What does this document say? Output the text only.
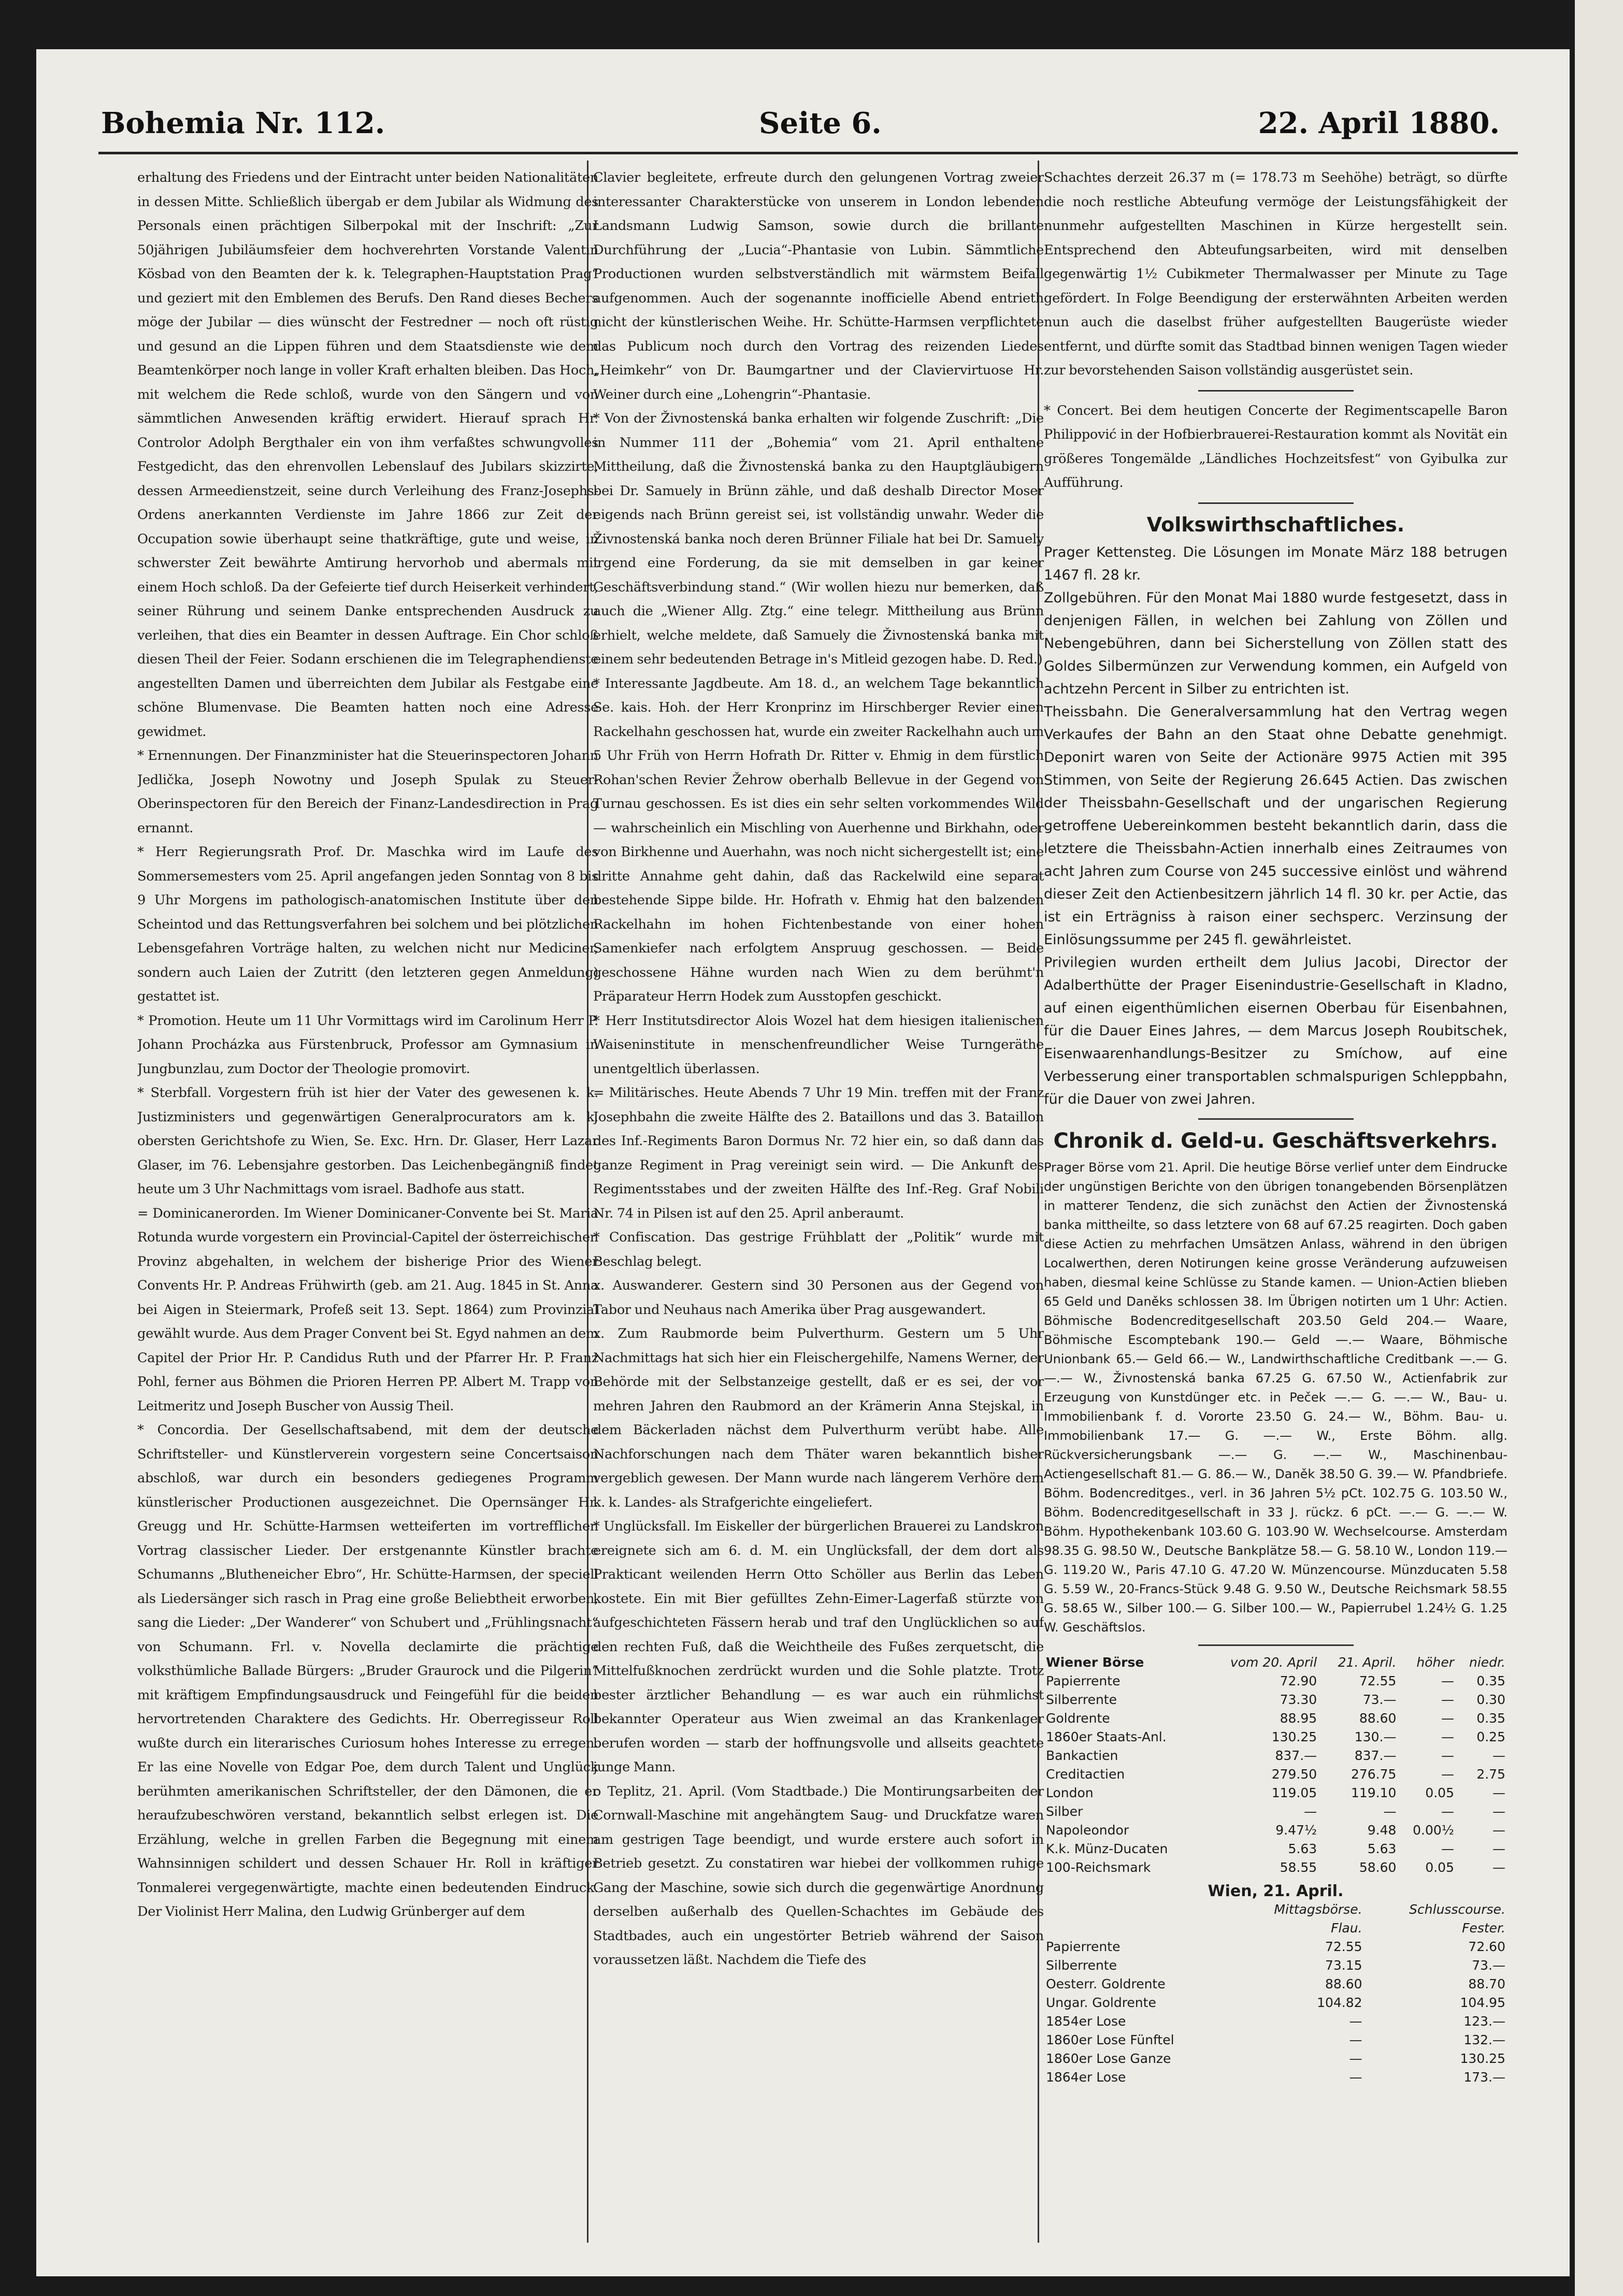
Bohemia Nr. 112.	Seite 6.	22. April 1880.

erhaltung des Friedens und der Eintracht unter beiden Nationalitäten in dessen Mitte. Schließlich übergab er dem Jubilar als Widmung des Personals einen prächtigen Silberpokal mit der Inschrift: „Zur 50jährigen Jubiläumsfeier dem hochverehrten Vorstande Valentin Kösbad von den Beamten der k. k. Telegraphen-Hauptstation Prag“ und geziert mit den Emblemen des Berufs. Den Rand dieses Bechers möge der Jubilar — dies wünscht der Festredner — noch oft rüstig und gesund an die Lippen führen und dem Staatsdienste wie dem Beamtenkörper noch lange in voller Kraft erhalten bleiben. Das Hoch, mit welchem die Rede schloß, wurde von den Sängern und von sämmtlichen Anwesenden kräftig erwidert. Hierauf sprach Hr. Controlor Adolph Bergthaler ein von ihm verfaßtes schwungvolles Festgedicht, das den ehrenvollen Lebenslauf des Jubilars skizzirte, dessen Armeedienstzeit, seine durch Verleihung des Franz-Josephs-Ordens anerkannten Verdienste im Jahre 1866 zur Zeit der Occupation sowie überhaupt seine thatkräftige, gute und weise, in schwerster Zeit bewährte Amtirung hervorhob und abermals mit einem Hoch schloß. Da der Gefeierte tief durch Heiserkeit verhindert, seiner Rührung und seinem Danke entsprechenden Ausdruck zu verleihen, that dies ein Beamter in dessen Auftrage. Ein Chor schloß diesen Theil der Feier. Sodann erschienen die im Telegraphendienste angestellten Damen und überreichten dem Jubilar als Festgabe eine schöne Blumenvase. Die Beamten hatten noch eine Adresse gewidmet.

* Ernennungen. Der Finanzminister hat die Steuerinspectoren Johann Jedlička, Joseph Nowotny und Joseph Spulak zu Steuer-Oberinspectoren für den Bereich der Finanz-Landesdirection in Prag ernannt.

* Herr Regierungsrath Prof. Dr. Maschka wird im Laufe des Sommersemesters vom 25. April angefangen jeden Sonntag von 8 bis 9 Uhr Morgens im pathologisch-anatomischen Institute über den Scheintod und das Rettungsverfahren bei solchem und bei plötzlichen Lebensgefahren Vorträge halten, zu welchen nicht nur Mediciner, sondern auch Laien der Zutritt (den letzteren gegen Anmeldung) gestattet ist.

* Promotion. Heute um 11 Uhr Vormittags wird im Carolinum Herr P. Johann Procházka aus Fürstenbruck, Professor am Gymnasium in Jungbunzlau, zum Doctor der Theologie promovirt.

* Sterbfall. Vorgestern früh ist hier der Vater des gewesenen k. k. Justizministers und gegenwärtigen Generalprocurators am k. k. obersten Gerichtshofe zu Wien, Se. Exc. Hrn. Dr. Glaser, Herr Lazar Glaser, im 76. Lebensjahre gestorben. Das Leichenbegängniß findet heute um 3 Uhr Nachmittags vom israel. Badhofe aus statt.

= Dominicanerorden. Im Wiener Dominicaner-Convente bei St. Maria Rotunda wurde vorgestern ein Provincial-Capitel der österreichischen Provinz abgehalten, in welchem der bisherige Prior des Wiener Convents Hr. P. Andreas Frühwirth (geb. am 21. Aug. 1845 in St. Anna bei Aigen in Steiermark, Profeß seit 13. Sept. 1864) zum Provinzial gewählt wurde. Aus dem Prager Convent bei St. Egyd nahmen an dem Capitel der Prior Hr. P. Candidus Ruth und der Pfarrer Hr. P. Franz Pohl, ferner aus Böhmen die Prioren Herren PP. Albert M. Trapp von Leitmeritz und Joseph Buscher von Aussig Theil.

* Concordia. Der Gesellschaftsabend, mit dem der deutsche Schriftsteller- und Künstlerverein vorgestern seine Concertsaison abschloß, war durch ein besonders gediegenes Programm künstlerischer Productionen ausgezeichnet. Die Opernsänger Hr. Greugg und Hr. Schütte-Harmsen wetteiferten im vortrefflichen Vortrag classischer Lieder. Der erstgenannte Künstler brachte Schumanns „Blutheneicher Ebro“, Hr. Schütte-Harmsen, der speciell als Liedersänger sich rasch in Prag eine große Beliebtheit erworben, sang die Lieder: „Der Wanderer“ von Schubert und „Frühlingsnacht“ von Schumann. Frl. v. Novella declamirte die prächtige volksthümliche Ballade Bürgers: „Bruder Graurock und die Pilgerin“ mit kräftigem Empfindungsausdruck und Feingefühl für die beiden hervortretenden Charaktere des Gedichts. Hr. Oberregisseur Roll wußte durch ein literarisches Curiosum hohes Interesse zu erregen. Er las eine Novelle von Edgar Poe, dem durch Talent und Unglück berühmten amerikanischen Schriftsteller, der den Dämonen, die er heraufzubeschwören verstand, bekanntlich selbst erlegen ist. Die Erzählung, welche in grellen Farben die Begegnung mit einem Wahnsinnigen schildert und dessen Schauer Hr. Roll in kräftiger Tonmalerei vergegenwärtigte, machte einen bedeutenden Eindruck. Der Violinist Herr Malina, den Ludwig Grünberger auf dem

Clavier begleitete, erfreute durch den gelungenen Vortrag zweier interessanter Charakterstücke von unserem in London lebenden Landsmann Ludwig Samson, sowie durch die brillante Durchführung der „Lucia“-Phantasie von Lubin. Sämmtliche Productionen wurden selbstverständlich mit wärmstem Beifall aufgenommen. Auch der sogenannte inofficielle Abend entrieth nicht der künstlerischen Weihe. Hr. Schütte-Harmsen verpflichtete das Publicum noch durch den Vortrag des reizenden Liedes „Heimkehr“ von Dr. Baumgartner und der Claviervirtuose Hr. Weiner durch eine „Lohengrin“-Phantasie.

* Von der Živnostenská banka erhalten wir folgende Zuschrift: „Die in Nummer 111 der „Bohemia“ vom 21. April enthaltene Mittheilung, daß die Živnostenská banka zu den Hauptgläubigern bei Dr. Samuely in Brünn zähle, und daß deshalb Director Moser eigends nach Brünn gereist sei, ist vollständig unwahr. Weder die Živnostenská banka noch deren Brünner Filiale hat bei Dr. Samuely irgend eine Forderung, da sie mit demselben in gar keiner Geschäftsverbindung stand.“ (Wir wollen hiezu nur bemerken, daß auch die „Wiener Allg. Ztg.“ eine telegr. Mittheilung aus Brünn erhielt, welche meldete, daß Samuely die Živnostenská banka mit einem sehr bedeutenden Betrage in's Mitleid gezogen habe. D. Red.)

* Interessante Jagdbeute. Am 18. d., an welchem Tage bekanntlich Se. kais. Hoh. der Herr Kronprinz im Hirschberger Revier einen Rackelhahn geschossen hat, wurde ein zweiter Rackelhahn auch um 5 Uhr Früh von Herrn Hofrath Dr. Ritter v. Ehmig in dem fürstlich Rohan'schen Revier Žehrow oberhalb Bellevue in der Gegend von Turnau geschossen. Es ist dies ein sehr selten vorkommendes Wild — wahrscheinlich ein Mischling von Auerhenne und Birkhahn, oder von Birkhenne und Auerhahn, was noch nicht sichergestellt ist; eine dritte Annahme geht dahin, daß das Rackelwild eine separat bestehende Sippe bilde. Hr. Hofrath v. Ehmig hat den balzenden Rackelhahn im hohen Fichtenbestande von einer hohen Samenkiefer nach erfolgtem Anspruug geschossen. — Beide geschossene Hähne wurden nach Wien zu dem berühmt'n Präparateur Herrn Hodek zum Ausstopfen geschickt.

* Herr Institutsdirector Alois Wozel hat dem hiesigen italienischen Waiseninstitute in menschenfreundlicher Weise Turngeräthe unentgeltlich überlassen.

= Militärisches. Heute Abends 7 Uhr 19 Min. treffen mit der Franz Josephbahn die zweite Hälfte des 2. Bataillons und das 3. Bataillon des Inf.-Regiments Baron Dormus Nr. 72 hier ein, so daß dann das ganze Regiment in Prag vereinigt sein wird. — Die Ankunft des Regimentsstabes und der zweiten Hälfte des Inf.-Reg. Graf Nobili Nr. 74 in Pilsen ist auf den 25. April anberaumt.

* Confiscation. Das gestrige Frühblatt der „Politik“ wurde mit Beschlag belegt.

x. Auswanderer. Gestern sind 30 Personen aus der Gegend von Tabor und Neuhaus nach Amerika über Prag ausgewandert.

x. Zum Raubmorde beim Pulverthurm. Gestern um 5 Uhr Nachmittags hat sich hier ein Fleischergehilfe, Namens Werner, der Behörde mit der Selbstanzeige gestellt, daß er es sei, der vor mehren Jahren den Raubmord an der Krämerin Anna Stejskal, in dem Bäckerladen nächst dem Pulverthurm verübt habe. Alle Nachforschungen nach dem Thäter waren bekanntlich bisher vergeblich gewesen. Der Mann wurde nach längerem Verhöre dem k. k. Landes- als Strafgerichte eingeliefert.

* Unglücksfall. Im Eiskeller der bürgerlichen Brauerei zu Landskron ereignete sich am 6. d. M. ein Unglücksfall, der dem dort als Prakticant weilenden Herrn Otto Schöller aus Berlin das Leben kostete. Ein mit Bier gefülltes Zehn-Eimer-Lagerfaß stürzte von aufgeschichteten Fässern herab und traf den Unglücklichen so auf den rechten Fuß, daß die Weichtheile des Fußes zerquetscht, die Mittelfußknochen zerdrückt wurden und die Sohle platzte. Trotz bester ärztlicher Behandlung — es war auch ein rühmlichst bekannter Operateur aus Wien zweimal an das Krankenlager berufen worden — starb der hoffnungsvolle und allseits geachtete junge Mann.

o Teplitz, 21. April. (Vom Stadtbade.) Die Montirungsarbeiten der Cornwall-Maschine mit angehängtem Saug- und Druckfatze waren am gestrigen Tage beendigt, und wurde erstere auch sofort in Betrieb gesetzt. Zu constatiren war hiebei der vollkommen ruhige Gang der Maschine, sowie sich durch die gegenwärtige Anordnung derselben außerhalb des Quellen-Schachtes im Gebäude des Stadtbades, auch ein ungestörter Betrieb während der Saison voraussetzen läßt. Nachdem die Tiefe des

Schachtes derzeit 26.37 m (= 178.73 m Seehöhe) beträgt, so dürfte die noch restliche Abteufung vermöge der Leistungsfähigkeit der nunmehr aufgestellten Maschinen in Kürze hergestellt sein. Entsprechend den Abteufungsarbeiten, wird mit denselben gegenwärtig 1½ Cubikmeter Thermalwasser per Minute zu Tage gefördert. In Folge Beendigung der ersterwähnten Arbeiten werden nun auch die daselbst früher aufgestellten Baugerüste wieder entfernt, und dürfte somit das Stadtbad binnen wenigen Tagen wieder zur bevorstehenden Saison vollständig ausgerüstet sein.

* Concert. Bei dem heutigen Concerte der Regimentscapelle Baron Philippović in der Hofbierbrauerei-Restauration kommt als Novität ein größeres Tongemälde „Ländliches Hochzeitsfest“ von Gyibulka zur Aufführung.

Volkswirthschaftliches.

Prager Kettensteg. Die Lösungen im Monate März 188 betrugen 1467 fl. 28 kr.

Zollgebühren. Für den Monat Mai 1880 wurde festgesetzt, dass in denjenigen Fällen, in welchen bei Zahlung von Zöllen und Nebengebühren, dann bei Sicherstellung von Zöllen statt des Goldes Silbermünzen zur Verwendung kommen, ein Aufgeld von achtzehn Percent in Silber zu entrichten ist.

Theissbahn. Die Generalversammlung hat den Vertrag wegen Verkaufes der Bahn an den Staat ohne Debatte genehmigt. Deponirt waren von Seite der Actionäre 9975 Actien mit 395 Stimmen, von Seite der Regierung 26.645 Actien. Das zwischen der Theissbahn-Gesellschaft und der ungarischen Regierung getroffene Uebereinkommen besteht bekanntlich darin, dass die letztere die Theissbahn-Actien innerhalb eines Zeitraumes von acht Jahren zum Course von 245 successive einlöst und während dieser Zeit den Actienbesitzern jährlich 14 fl. 30 kr. per Actie, das ist ein Erträgniss à raison einer sechsperc. Verzinsung der Einlösungssumme per 245 fl. gewährleistet.

Privilegien wurden ertheilt dem Julius Jacobi, Director der Adalberthütte der Prager Eisenindustrie-Gesellschaft in Kladno, auf einen eigenthümlichen eisernen Oberbau für Eisenbahnen, für die Dauer Eines Jahres, — dem Marcus Joseph Roubitschek, Eisenwaarenhandlungs-Besitzer zu Smíchow, auf eine Verbesserung einer transportablen schmalspurigen Schleppbahn, für die Dauer von zwei Jahren.

Chronik d. Geld-u. Geschäftsverkehrs.

Prager Börse vom 21. April. Die heutige Börse verlief unter dem Eindrucke der ungünstigen Berichte von den übrigen tonangebenden Börsenplätzen in matterer Tendenz, die sich zunächst den Actien der Živnostenská banka mittheilte, so dass letztere von 68 auf 67.25 reagirten. Doch gaben diese Actien zu mehrfachen Umsätzen Anlass, während in den übrigen Localwerthen, deren Notirungen keine grosse Veränderung aufzuweisen haben, diesmal keine Schlüsse zu Stande kamen. — Union-Actien blieben 65 Geld und Daněks schlossen 38. Im Übrigen notirten um 1 Uhr: Actien. Böhmische Bodencreditgesellschaft 203.50 Geld 204.— Waare, Böhmische Escomptebank 190.— Geld —.— Waare, Böhmische Unionbank 65.— Geld 66.— W., Landwirthschaftliche Creditbank —.— G. —.— W., Živnostenská banka 67.25 G. 67.50 W., Actienfabrik zur Erzeugung von Kunstdünger etc. in Peček —.— G. —.— W., Bau- u. Immobilienbank f. d. Vororte 23.50 G. 24.— W., Böhm. Bau- u. Immobilienbank 17.— G. —.— W., Erste Böhm. allg. Rückversicherungsbank —.— G. —.— W., Maschinenbau-Actiengesellschaft 81.— G. 86.— W., Daněk 38.50 G. 39.— W. Pfandbriefe. Böhm. Bodencreditges., verl. in 36 Jahren 5½ pCt. 102.75 G. 103.50 W., Böhm. Bodencreditgesellschaft in 33 J. rückz. 6 pCt. —.— G. —.— W. Böhm. Hypothekenbank 103.60 G. 103.90 W. Wechselcourse. Amsterdam 98.35 G. 98.50 W., Deutsche Bankplätze 58.— G. 58.10 W., London 119.— G. 119.20 W., Paris 47.10 G. 47.20 W. Münzencourse. Münzducaten 5.58 G. 5.59 W., 20-Francs-Stück 9.48 G. 9.50 W., Deutsche Reichsmark 58.55 G. 58.65 W., Silber 100.— G. Silber 100.— W., Papierrubel 1.24½ G. 1.25 W. Geschäftslos.

Wiener Börse	vom 20. April	21. April.	höher	niedr.
Papierrente	72.90	72.55	—	0.35
Silberrente	73.30	73.—	—	0.30
Goldrente	88.95	88.60	—	0.35
1860er Staats-Anl.	130.25	130.—	—	0.25
Bankactien	837.—	837.—	—	—
Creditactien	279.50	276.75	—	2.75
London	119.05	119.10	0.05	—
Silber	—	—	—	—
Napoleondor	9.47½	9.48	0.00½	—
K.k. Münz-Ducaten	5.63	5.63	—	—
100-Reichsmark	58.55	58.60	0.05	—
Wien, 21. April.
	Mittagsbörse.	Schlusscourse.
	Flau.	Fester.
Papierrente	72.55	72.60
Silberrente	73.15	73.—
Oesterr. Goldrente	88.60	88.70
Ungar. Goldrente	104.82	104.95
1854er Lose	—	123.—
1860er Lose Fünftel	—	132.—
1860er Lose Ganze	—	130.25
1864er Lose	—	173.—
